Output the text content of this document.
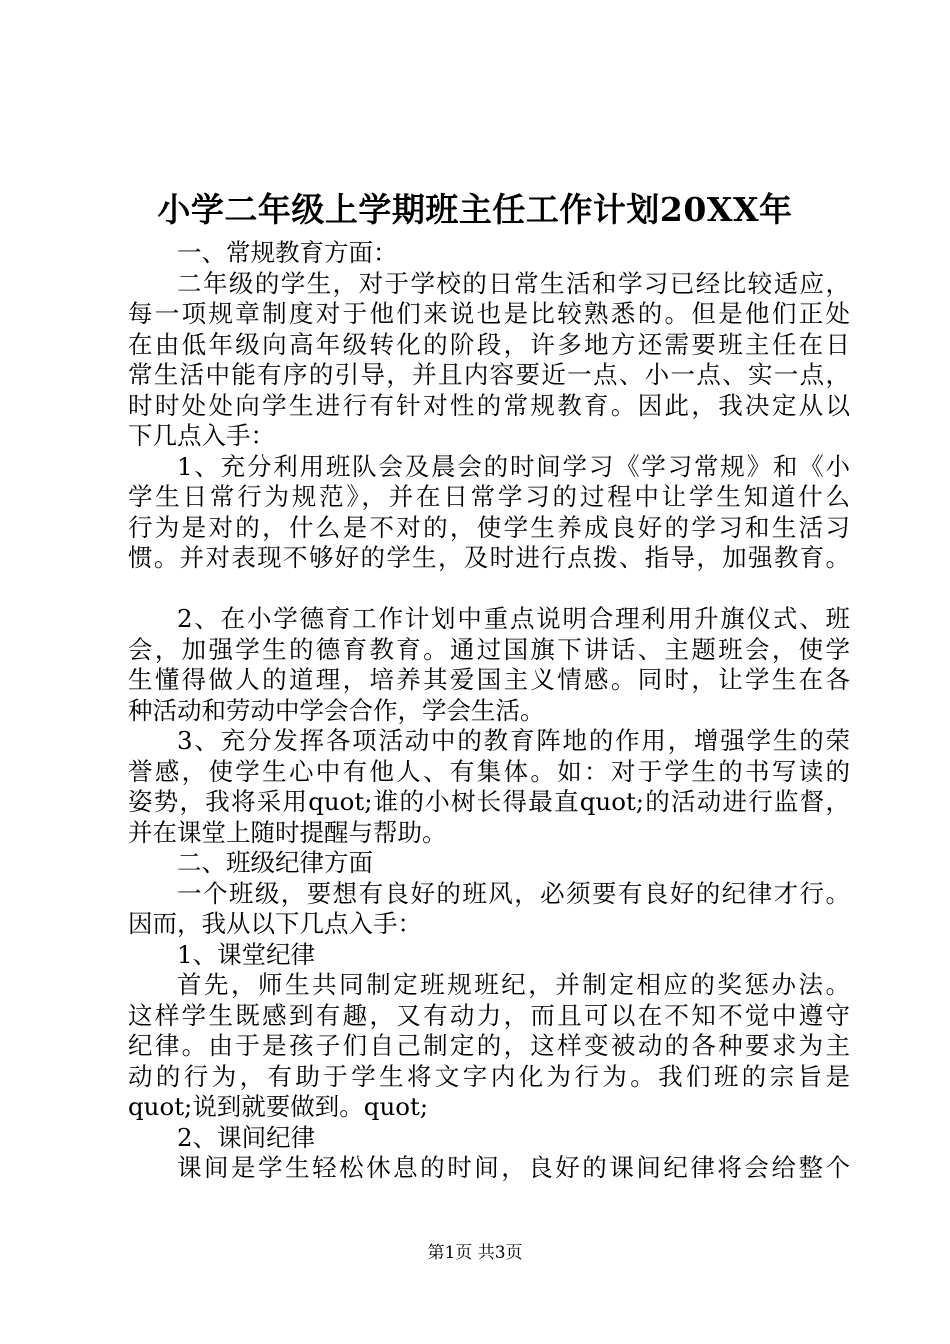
小学二年级上学期班主任工作计划20XX年
一、常规教育方面：
二年级的学生，对于学校的日常生活和学习已经比较适应，
每一项规章制度对于他们来说也是比较熟悉的。但是他们正处
在由低年级向高年级转化的阶段，许多地方还需要班主任在日
常生活中能有序的引导，并且内容要近一点、小一点、实一点，
时时处处向学生进行有针对性的常规教育。因此，我决定从以
下几点入手：
1、充分利用班队会及晨会的时间学习《学习常规》和《小
学生日常行为规范》，并在日常学习的过程中让学生知道什么
行为是对的，什么是不对的，使学生养成良好的学习和生活习
惯。并对表现不够好的学生，及时进行点拨、指导，加强教育。
2、在小学德育工作计划中重点说明合理利用升旗仪式、班
会，加强学生的德育教育。通过国旗下讲话、主题班会，使学
生懂得做人的道理，培养其爱国主义情感。同时，让学生在各
种活动和劳动中学会合作，学会生活。
3、充分发挥各项活动中的教育阵地的作用，增强学生的荣
誉感，使学生心中有他人、有集体。如：对于学生的书写读的
姿势，我将采用quot;谁的小树长得最直quot;的活动进行监督，
并在课堂上随时提醒与帮助。
二、班级纪律方面
一个班级，要想有良好的班风，必须要有良好的纪律才行。
因而，我从以下几点入手：
1、课堂纪律
首先，师生共同制定班规班纪，并制定相应的奖惩办法。
这样学生既感到有趣，又有动力，而且可以在不知不觉中遵守
纪律。由于是孩子们自己制定的，这样变被动的各种要求为主
动的行为，有助于学生将文字内化为行为。我们班的宗旨是
quot;说到就要做到。quot;
2、课间纪律
课间是学生轻松休息的时间，良好的课间纪律将会给整个
第1页 共3页
